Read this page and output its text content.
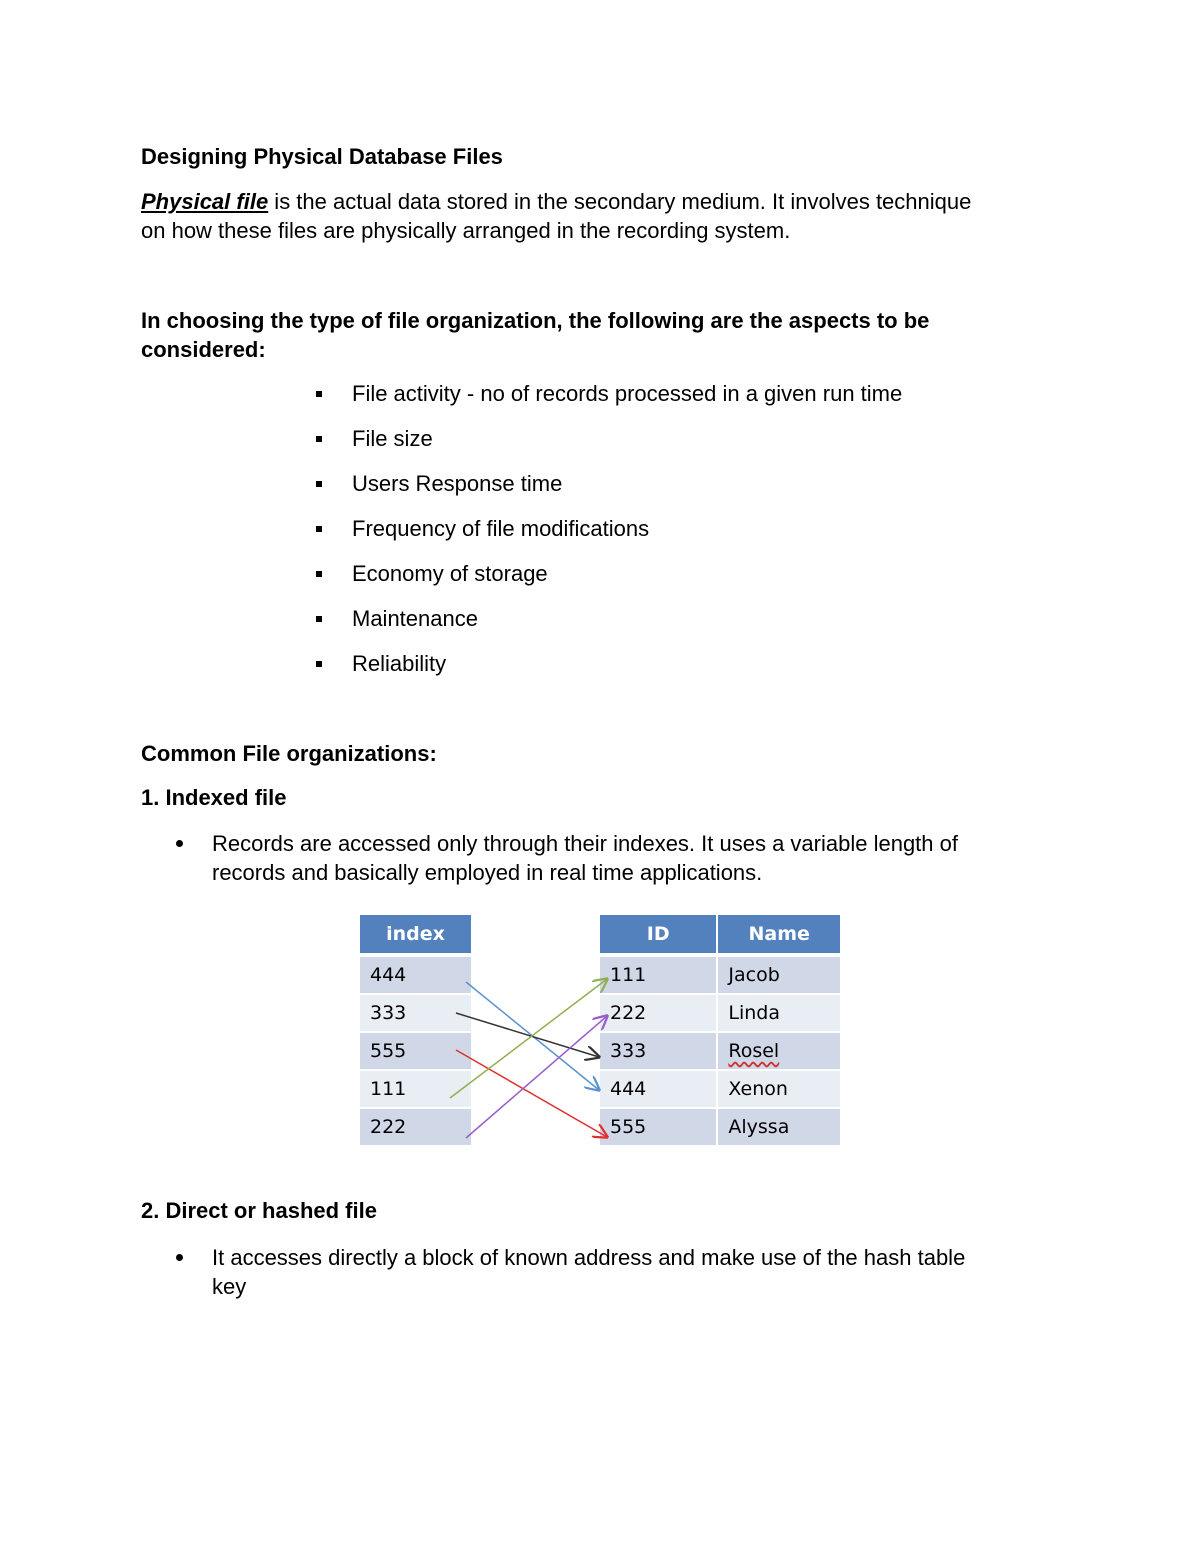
Designing Physical Database Files
Physical file is the actual data stored in the secondary medium. It involves technique
on how these files are physically arranged in the recording system.
In choosing the type of file organization, the following are the aspects to be
considered:
File activity - no of records processed in a given run time
File size
Users Response time
Frequency of file modifications
Economy of storage
Maintenance
Reliability
Common File organizations:
1. Indexed file
Records are accessed only through their indexes. It uses a variable length of
records and basically employed in real time applications.
index
444
333
555
111
222
ID	Name
111	Jacob
222	Linda
333	Rosel
444	Xenon
555	Alyssa
2. Direct or hashed file
It accesses directly a block of known address and make use of the hash table
key
